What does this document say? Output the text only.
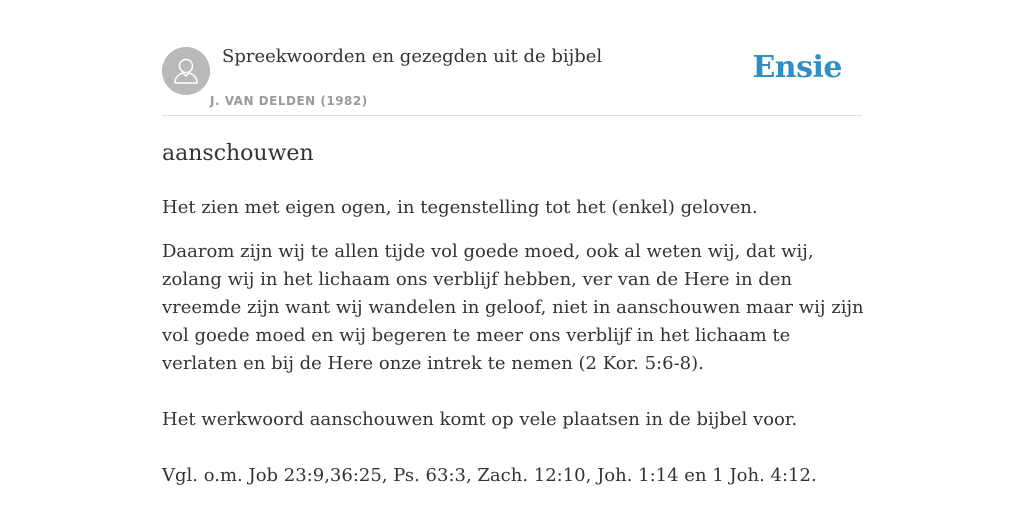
Spreekwoorden en gezegden uit de bijbel
J. VAN DELDEN (1982)
Ensie
aanschouwen

Het zien met eigen ogen, in tegenstelling tot het (enkel) geloven.

Daarom zijn wij te allen tijde vol goede moed, ook al weten wij, dat wij, zolang wij in het lichaam ons verblijf hebben, ver van de Here in den vreemde zijn want wij wandelen in geloof, niet in aanschouwen maar wij zijn vol goede moed en wij begeren te meer ons verblijf in het lichaam te verlaten en bij de Here onze intrek te nemen (2 Kor. 5:6-8).

Het werkwoord aanschouwen komt op vele plaatsen in de bijbel voor.

Vgl. o.m. Job 23:9,36:25, Ps. 63:3, Zach. 12:10, Joh. 1:14 en 1 Joh. 4:12.
